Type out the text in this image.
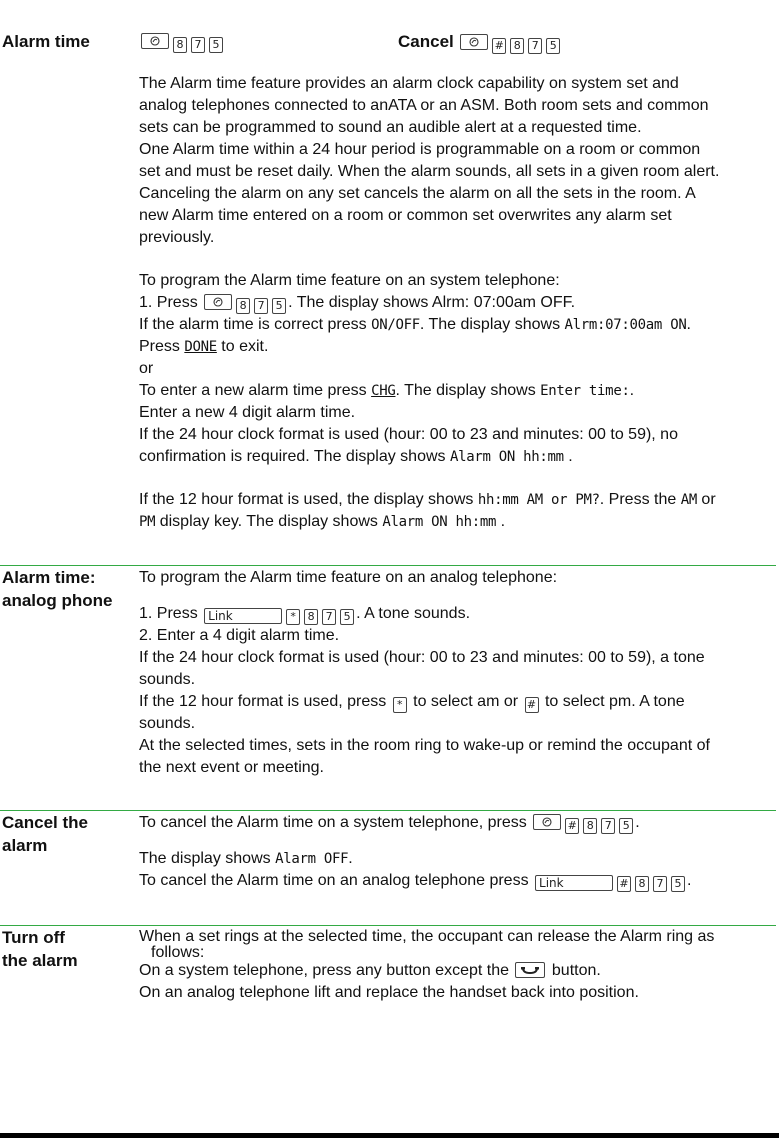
Alarm time	8 7 5	Cancel	# 8 7 5
The Alarm time feature provides an alarm clock capability on system set and
analog telephones connected to anATA or an ASM. Both room sets and common
sets can be programmed to sound an audible alert at a requested time.
One Alarm time within a 24 hour period is programmable on a room or common
set and must be reset daily. When the alarm sounds, all sets in a given room alert.
Canceling the alarm on any set cancels the alarm on all the sets in the room. A
new Alarm time entered on a room or common set overwrites any alarm set
previously.
To program the Alarm time feature on an system telephone:
1. Press	8 7 5 . The display shows Alrm: 07:00am OFF.
If the alarm time is correct press ON/OFF. The display shows Alrm:07:00am ON.
Press DONE to exit.
or
To enter a new alarm time press CHG. The display shows Enter time:.
Enter a new 4 digit alarm time.
If the 24 hour clock format is used (hour: 00 to 23 and minutes: 00 to 59), no
confirmation is required. The display shows Alarm ON hh:mm .
If the 12 hour format is used, the display shows hh:mm AM or PM?. Press the AM or
PM display key. The display shows Alarm ON hh:mm .
Alarm time:
analog phone
To program the Alarm time feature on an analog telephone:
1. Press Link	* 8 7 5 . A tone sounds.
2. Enter a 4 digit alarm time.
If the 24 hour clock format is used (hour: 00 to 23 and minutes: 00 to 59), a tone
sounds.
If the 12 hour format is used, press * to select am or # to select pm. A tone
sounds.
At the selected times, sets in the room ring to wake-up or remind the occupant of
the next event or meeting.
Cancel the
alarm
To cancel the Alarm time on a system telephone, press	# 8 7 5 .
The display shows Alarm OFF.
To cancel the Alarm time on an analog telephone press Link	# 8 7 5 .
Turn off
the alarm
When a set rings at the selected time, the occupant can release the Alarm ring as
follows:
On a system telephone, press any button except the	button.
On an analog telephone lift and replace the handset back into position.
